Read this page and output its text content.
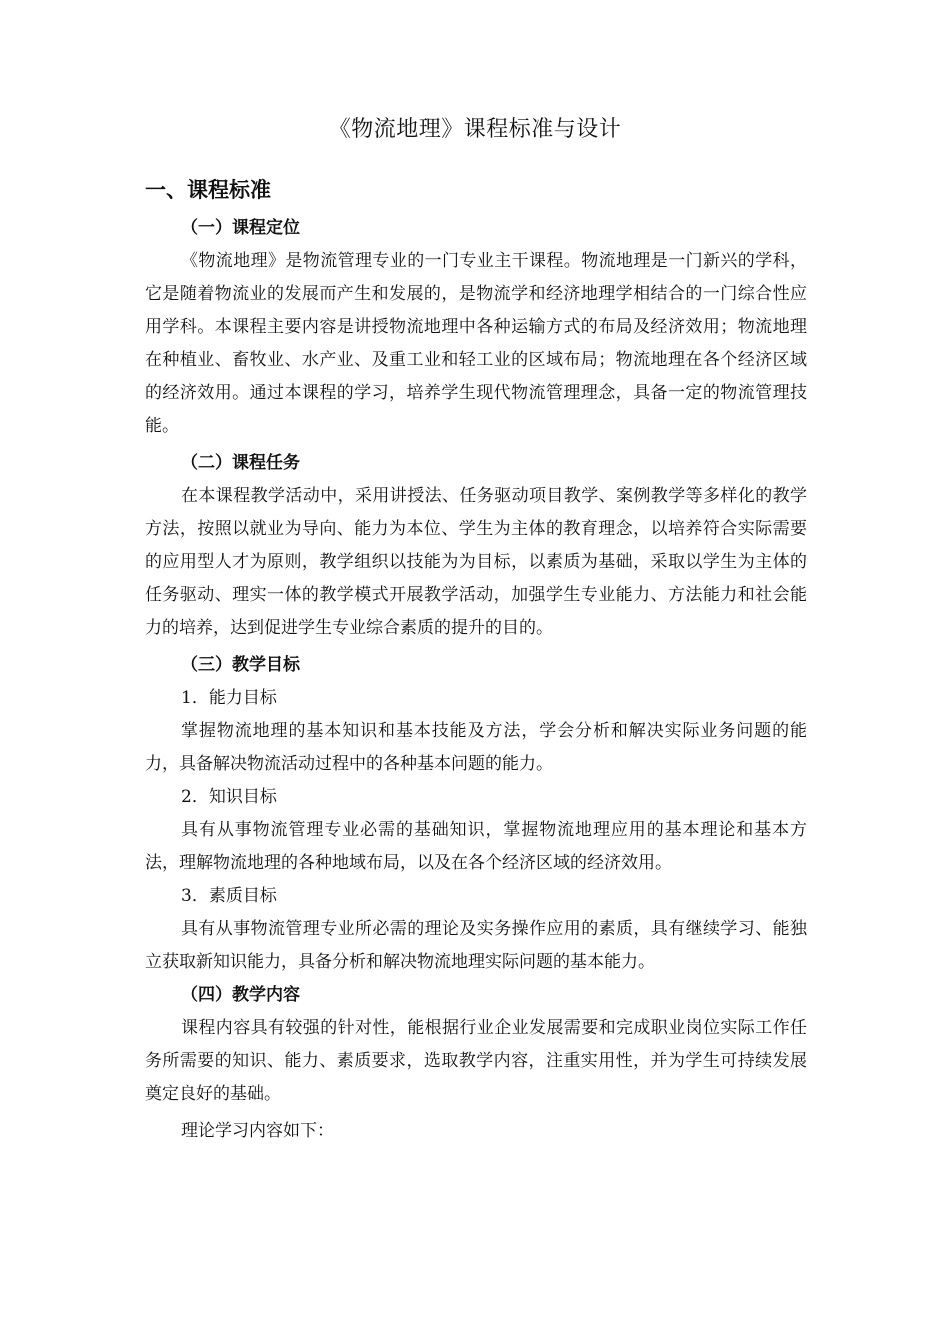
《物流地理》课程标准与设计
一、课程标准
（一）课程定位

《物流地理》是物流管理专业的一门专业主干课程。物流地理是一门新兴的学科，它是随着物流业的发展而产生和发展的，是物流学和经济地理学相结合的一门综合性应用学科。本课程主要内容是讲授物流地理中各种运输方式的布局及经济效用；物流地理在种植业、畜牧业、水产业、及重工业和轻工业的区域布局；物流地理在各个经济区域的经济效用。通过本课程的学习，培养学生现代物流管理理念，具备一定的物流管理技能。

（二）课程任务

在本课程教学活动中，采用讲授法、任务驱动项目教学、案例教学等多样化的教学方法，按照以就业为导向、能力为本位、学生为主体的教育理念，以培养符合实际需要的应用型人才为原则，教学组织以技能为为目标，以素质为基础，采取以学生为主体的任务驱动、理实一体的教学模式开展教学活动，加强学生专业能力、方法能力和社会能力的培养，达到促进学生专业综合素质的提升的目的。

（三）教学目标
1．能力目标

掌握物流地理的基本知识和基本技能及方法，学会分析和解决实际业务问题的能力，具备解决物流活动过程中的各种基本问题的能力。

2．知识目标

具有从事物流管理专业必需的基础知识，掌握物流地理应用的基本理论和基本方法，理解物流地理的各种地域布局，以及在各个经济区域的经济效用。

3．素质目标

具有从事物流管理专业所必需的理论及实务操作应用的素质，具有继续学习、能独立获取新知识能力，具备分析和解决物流地理实际问题的基本能力。

（四）教学内容

课程内容具有较强的针对性，能根据行业企业发展需要和完成职业岗位实际工作任务所需要的知识、能力、素质要求，选取教学内容，注重实用性，并为学生可持续发展奠定良好的基础。

理论学习内容如下：
